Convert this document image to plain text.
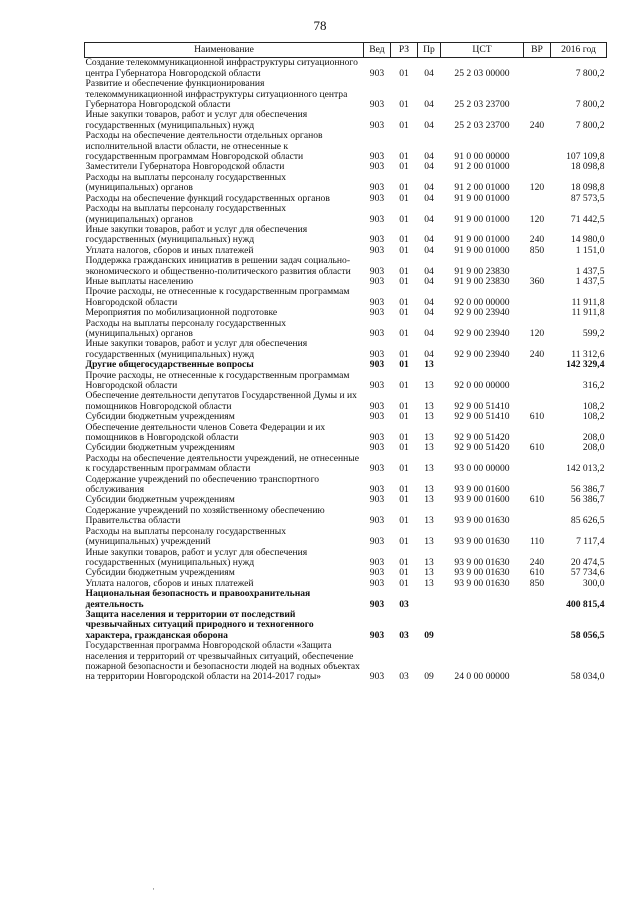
78
Наименование	Вед	РЗ	Пр	ЦСТ	ВР	2016 год
Создание телекоммуникационной инфраструктуры ситуационного центра Губернатора Новгородской области	903	01	04	25 2 03 00000		7 800,2
Развитие и обеспечение функционирования телекоммуникационной инфраструктуры ситуационного центра Губернатора Новгородской области	903	01	04	25 2 03 23700		7 800,2
Иные закупки товаров, работ и услуг для обеспечения государственных (муниципальных) нужд	903	01	04	25 2 03 23700	240	7 800,2
Расходы на обеспечение деятельности отдельных органов исполнительной власти области, не отнесенные к государственным программам Новгородской области	903	01	04	91 0 00 00000		107 109,8
Заместители Губернатора Новгородской области	903	01	04	91 2 00 01000		18 098,8
Расходы на выплаты персоналу государственных (муниципальных) органов	903	01	04	91 2 00 01000	120	18 098,8
Расходы на обеспечение функций государственных органов	903	01	04	91 9 00 01000		87 573,5
Расходы на выплаты персоналу государственных (муниципальных) органов	903	01	04	91 9 00 01000	120	71 442,5
Иные закупки товаров, работ и услуг для обеспечения государственных (муниципальных) нужд	903	01	04	91 9 00 01000	240	14 980,0
Уплата налогов, сборов и иных платежей	903	01	04	91 9 00 01000	850	1 151,0
Поддержка гражданских инициатив в решении задач социально-экономического и общественно-политического развития области	903	01	04	91 9 00 23830		1 437,5
Иные выплаты населению	903	01	04	91 9 00 23830	360	1 437,5
Прочие расходы, не отнесенные к государственным программам Новгородской области	903	01	04	92 0 00 00000		11 911,8
Мероприятия по мобилизационной подготовке	903	01	04	92 9 00 23940		11 911,8
Расходы на выплаты персоналу государственных (муниципальных) органов	903	01	04	92 9 00 23940	120	599,2
Иные закупки товаров, работ и услуг для обеспечения государственных (муниципальных) нужд	903	01	04	92 9 00 23940	240	11 312,6
Другие общегосударственные вопросы	903	01	13			142 329,4
Прочие расходы, не отнесенные к государственным программам Новгородской области	903	01	13	92 0 00 00000		316,2
Обеспечение деятельности депутатов Государственной Думы и их помощников Новгородской области	903	01	13	92 9 00 51410		108,2
Субсидии бюджетным учреждениям	903	01	13	92 9 00 51410	610	108,2
Обеспечение деятельности членов Совета Федерации и их помощников в Новгородской области	903	01	13	92 9 00 51420		208,0
Субсидии бюджетным учреждениям	903	01	13	92 9 00 51420	610	208,0
Расходы на обеспечение деятельности учреждений, не отнесенные к государственным программам области	903	01	13	93 0 00 00000		142 013,2
Содержание учреждений по обеспечению транспортного обслуживания	903	01	13	93 9 00 01600		56 386,7
Субсидии бюджетным учреждениям	903	01	13	93 9 00 01600	610	56 386,7
Содержание учреждений по хозяйственному обеспечению Правительства области	903	01	13	93 9 00 01630		85 626,5
Расходы на выплаты персоналу государственных (муниципальных) учреждений	903	01	13	93 9 00 01630	110	7 117,4
Иные закупки товаров, работ и услуг для обеспечения государственных (муниципальных) нужд	903	01	13	93 9 00 01630	240	20 474,5
Субсидии бюджетным учреждениям	903	01	13	93 9 00 01630	610	57 734,6
Уплата налогов, сборов и иных платежей	903	01	13	93 9 00 01630	850	300,0
Национальная безопасность и правоохранительная деятельность	903	03				400 815,4
Защита населения и территории от последствий чрезвычайных ситуаций природного и техногенного характера, гражданская оборона	903	03	09			58 056,5
Государственная программа Новгородской области «Защита населения и территорий от чрезвычайных ситуаций, обеспечение пожарной безопасности и безопасности людей на водных объектах на территории Новгородской области на 2014-2017 годы»	903	03	09	24 0 00 00000		58 034,0
·
